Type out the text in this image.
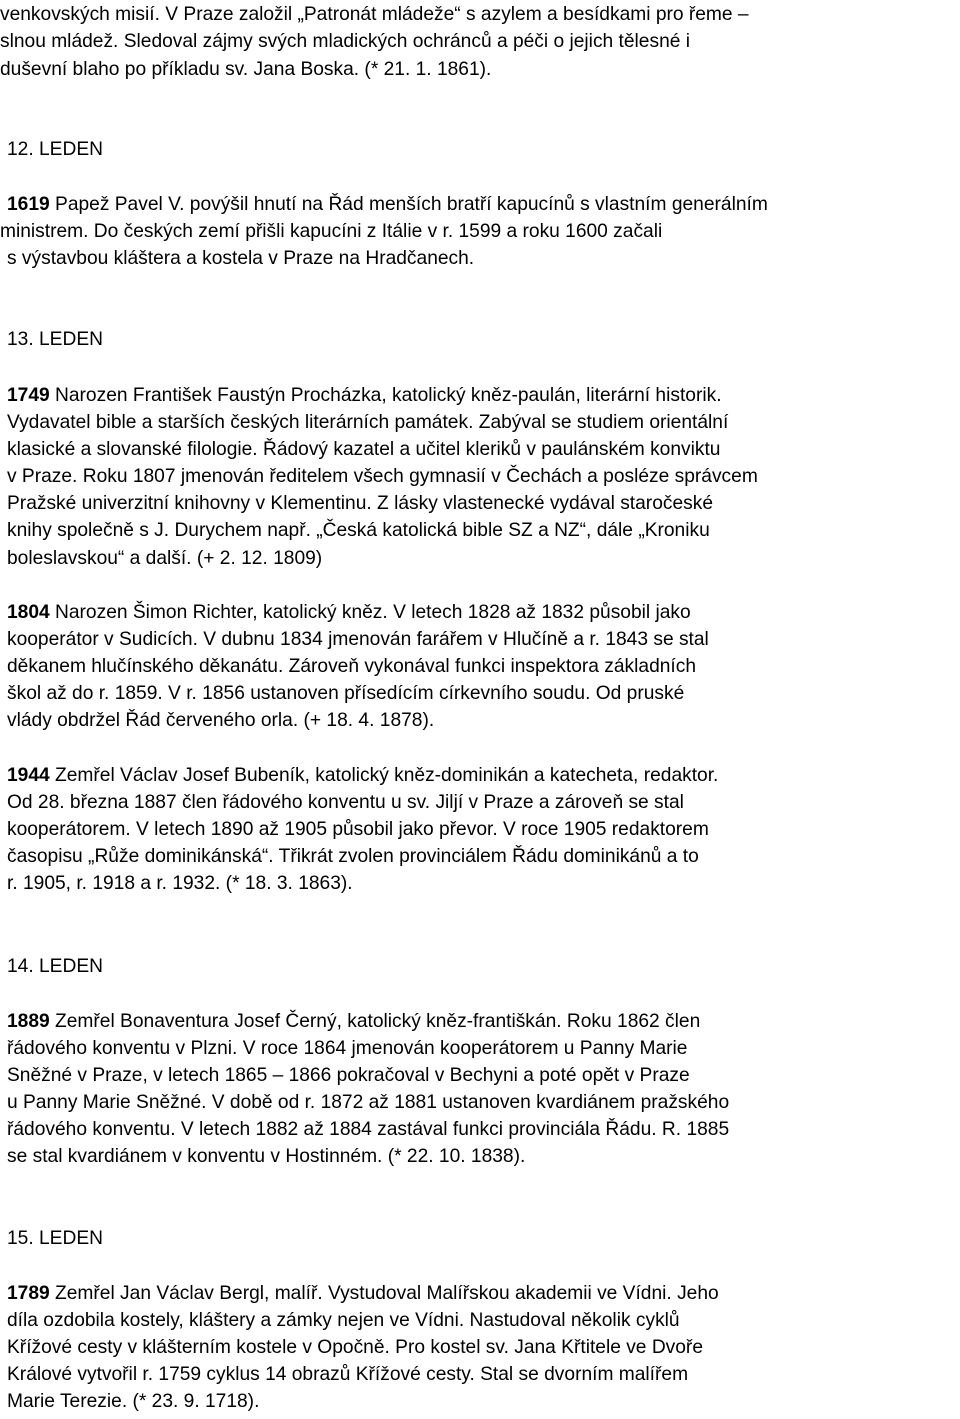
venkovských misií. V Praze založil „Patronát mládeže“ s azylem a besídkami pro řeme –
slnou mládež. Sledoval zájmy svých mladických ochránců a péči o jejich tělesné i
duševní blaho po příkladu sv. Jana Boska. (* 21. 1. 1861).
12. LEDEN
1619 Papež Pavel V. povýšil hnutí na Řád menších bratří kapucínů s vlastním generálním
ministrem. Do českých zemí přišli kapucíni z Itálie v r. 1599 a roku 1600 začali
s výstavbou kláštera a kostela v Praze na Hradčanech.
13. LEDEN
1749 Narozen František Faustýn Procházka, katolický kněz-paulán, literární historik.
Vydavatel bible a starších českých literárních památek. Zabýval se studiem orientální
klasické a slovanské filologie. Řádový kazatel a učitel kleriků v paulánském konviktu
v Praze. Roku 1807 jmenován ředitelem všech gymnasií v Čechách a posléze správcem
Pražské univerzitní knihovny v Klementinu. Z lásky vlastenecké vydával staročeské
knihy společně s J. Durychem např. „Česká katolická bible SZ a NZ“, dále „Kroniku
boleslavskou“ a další. (+ 2. 12. 1809)
1804 Narozen Šimon Richter, katolický kněz. V letech 1828 až 1832 působil jako
kooperátor v Sudicích. V dubnu 1834 jmenován farářem v Hlučíně a r. 1843 se stal
děkanem hlučínského děkanátu. Zároveň vykonával funkci inspektora základních
škol až do r. 1859. V r. 1856 ustanoven přísedícím církevního soudu. Od pruské
vlády obdržel Řád červeného orla. (+ 18. 4. 1878).
1944 Zemřel Václav Josef Bubeník, katolický kněz-dominikán a katecheta, redaktor.
Od 28. března 1887 člen řádového konventu u sv. Jiljí v Praze a zároveň se stal
kooperátorem. V letech 1890 až 1905 působil jako převor. V roce 1905 redaktorem
časopisu „Růže dominikánská“. Třikrát zvolen provinciálem Řádu dominikánů a to
r. 1905, r. 1918 a r. 1932. (* 18. 3. 1863).
14. LEDEN
1889 Zemřel Bonaventura Josef Černý, katolický kněz-františkán. Roku 1862 člen
řádového konventu v Plzni. V roce 1864 jmenován kooperátorem u Panny Marie
Sněžné v Praze, v letech 1865 – 1866 pokračoval v Bechyni a poté opět v Praze
u Panny Marie Sněžné. V době od r. 1872 až 1881 ustanoven kvardiánem pražského
řádového konventu. V letech 1882 až 1884 zastával funkci provinciála Řádu. R. 1885
se stal kvardiánem v konventu v Hostinném. (* 22. 10. 1838).
15. LEDEN
1789 Zemřel Jan Václav Bergl, malíř. Vystudoval Malířskou akademii ve Vídni. Jeho
díla ozdobila kostely, kláštery a zámky nejen ve Vídni. Nastudoval několik cyklů
Křížové cesty v klášterním kostele v Opočně. Pro kostel sv. Jana Křtitele ve Dvoře
Králové vytvořil r. 1759 cyklus 14 obrazů Křížové cesty. Stal se dvorním malířem
Marie Terezie. (* 23. 9. 1718).
